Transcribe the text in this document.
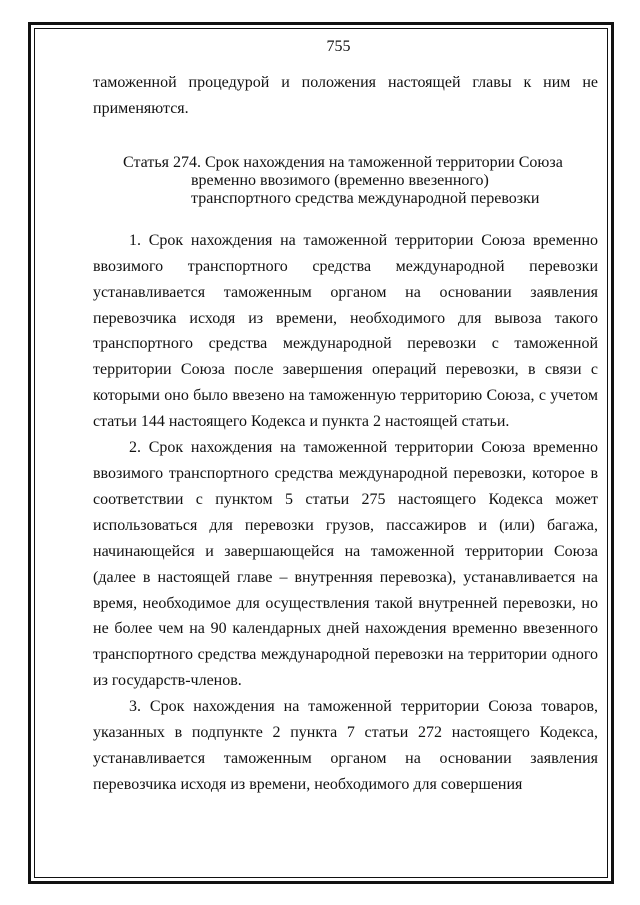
755

таможенной процедурой и положения настоящей главы к ним не применяются.

Статья 274. Срок нахождения на таможенной территории Союза
временно ввозимого (временно ввезенного)
транспортного средства международной перевозки

1. Срок нахождения на таможенной территории Союза временно ввозимого транспортного средства международной перевозки устанавливается таможенным органом на основании заявления перевозчика исходя из времени, необходимого для вывоза такого транспортного средства международной перевозки с таможенной территории Союза после завершения операций перевозки, в связи с которыми оно было ввезено на таможенную территорию Союза, с учетом статьи 144 настоящего Кодекса и пункта 2 настоящей статьи.

2. Срок нахождения на таможенной территории Союза временно ввозимого транспортного средства международной перевозки, которое в соответствии с пунктом 5 статьи 275 настоящего Кодекса может использоваться для перевозки грузов, пассажиров и (или) багажа, начинающейся и завершающейся на таможенной территории Союза (далее в настоящей главе – внутренняя перевозка), устанавливается на время, необходимое для осуществления такой внутренней перевозки, но не более чем на 90 календарных дней нахождения временно ввезенного транспортного средства международной перевозки на территории одного из государств-членов.

3. Срок нахождения на таможенной территории Союза товаров, указанных в подпункте 2 пункта 7 статьи 272 настоящего Кодекса, устанавливается таможенным органом на основании заявления перевозчика исходя из времени, необходимого для совершения
